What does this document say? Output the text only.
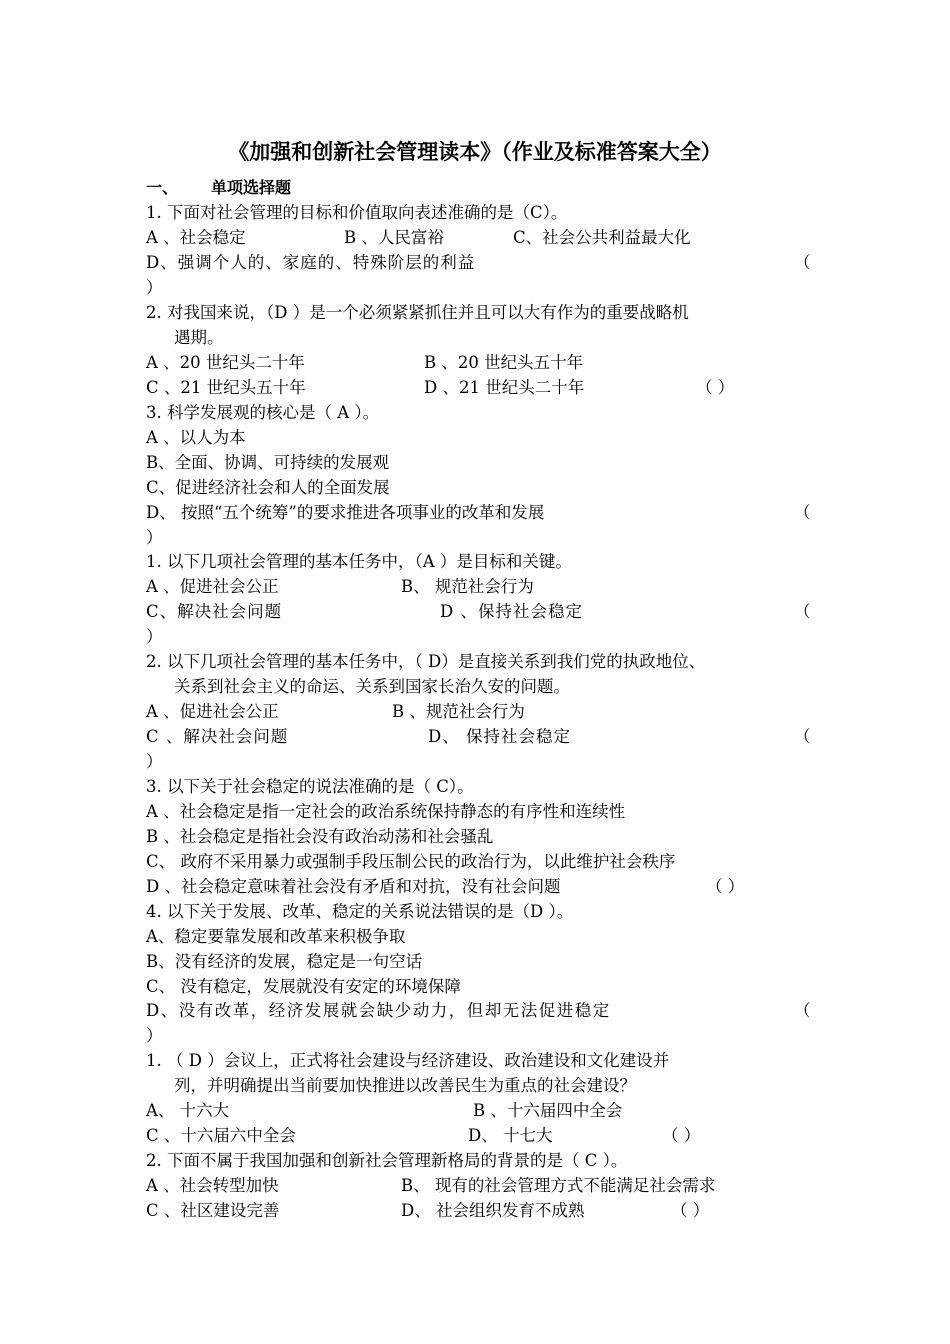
《加强和创新社会管理读本》（作业及标准答案大全）
一、 单项选择题
1. 下面对社会管理的目标和价值取向表述准确的是（C）。
A 、社会稳定	B 、人民富裕	C、社会公共利益最大化
D、强调个人的、家庭的、特殊阶层的利益	（
）
2. 对我国来说，（D ）是一个必须紧紧抓住并且可以大有作为的重要战略机
遇期。
A 、20 世纪头二十年	B 、20 世纪头五十年
C 、21 世纪头五十年	D 、21 世纪头二十年	（ ）
3. 科学发展观的核心是（ A ）。
A 、以人为本
B、全面、协调、可持续的发展观
C、促进经济社会和人的全面发展
D、 按照“五个统筹”的要求推进各项事业的改革和发展	（
）
1. 以下几项社会管理的基本任务中，（A ）是目标和关键。
A 、促进社会公正	B、 规范社会行为
C、解决社会问题	D 、保持社会稳定	（
）
2. 以下几项社会管理的基本任务中，（ D）是直接关系到我们党的执政地位、
关系到社会主义的命运、关系到国家长治久安的问题。
A 、促进社会公正	B 、规范社会行为
C 、解决社会问题	D、 保持社会稳定	（
）
3. 以下关于社会稳定的说法准确的是（ C）。
A 、社会稳定是指一定社会的政治系统保持静态的有序性和连续性
B 、社会稳定是指社会没有政治动荡和社会骚乱
C、 政府不采用暴力或强制手段压制公民的政治行为，以此维护社会秩序
D 、社会稳定意味着社会没有矛盾和对抗，没有社会问题	（ ）
4. 以下关于发展、改革、稳定的关系说法错误的是（D ）。
A、稳定要靠发展和改革来积极争取
B、没有经济的发展，稳定是一句空话
C、 没有稳定，发展就没有安定的环境保障
D、没有改革，经济发展就会缺少动力，但却无法促进稳定	（
）
1. （ D ）会议上，正式将社会建设与经济建设、政治建设和文化建设并
列，并明确提出当前要加快推进以改善民生为重点的社会建设？
A、 十六大	B 、十六届四中全会
C 、十六届六中全会	D、 十七大	（ ）
2. 下面不属于我国加强和创新社会管理新格局的背景的是（ C ）。
A 、社会转型加快	B、 现有的社会管理方式不能满足社会需求
C 、社区建设完善	D、 社会组织发育不成熟	（ ）
